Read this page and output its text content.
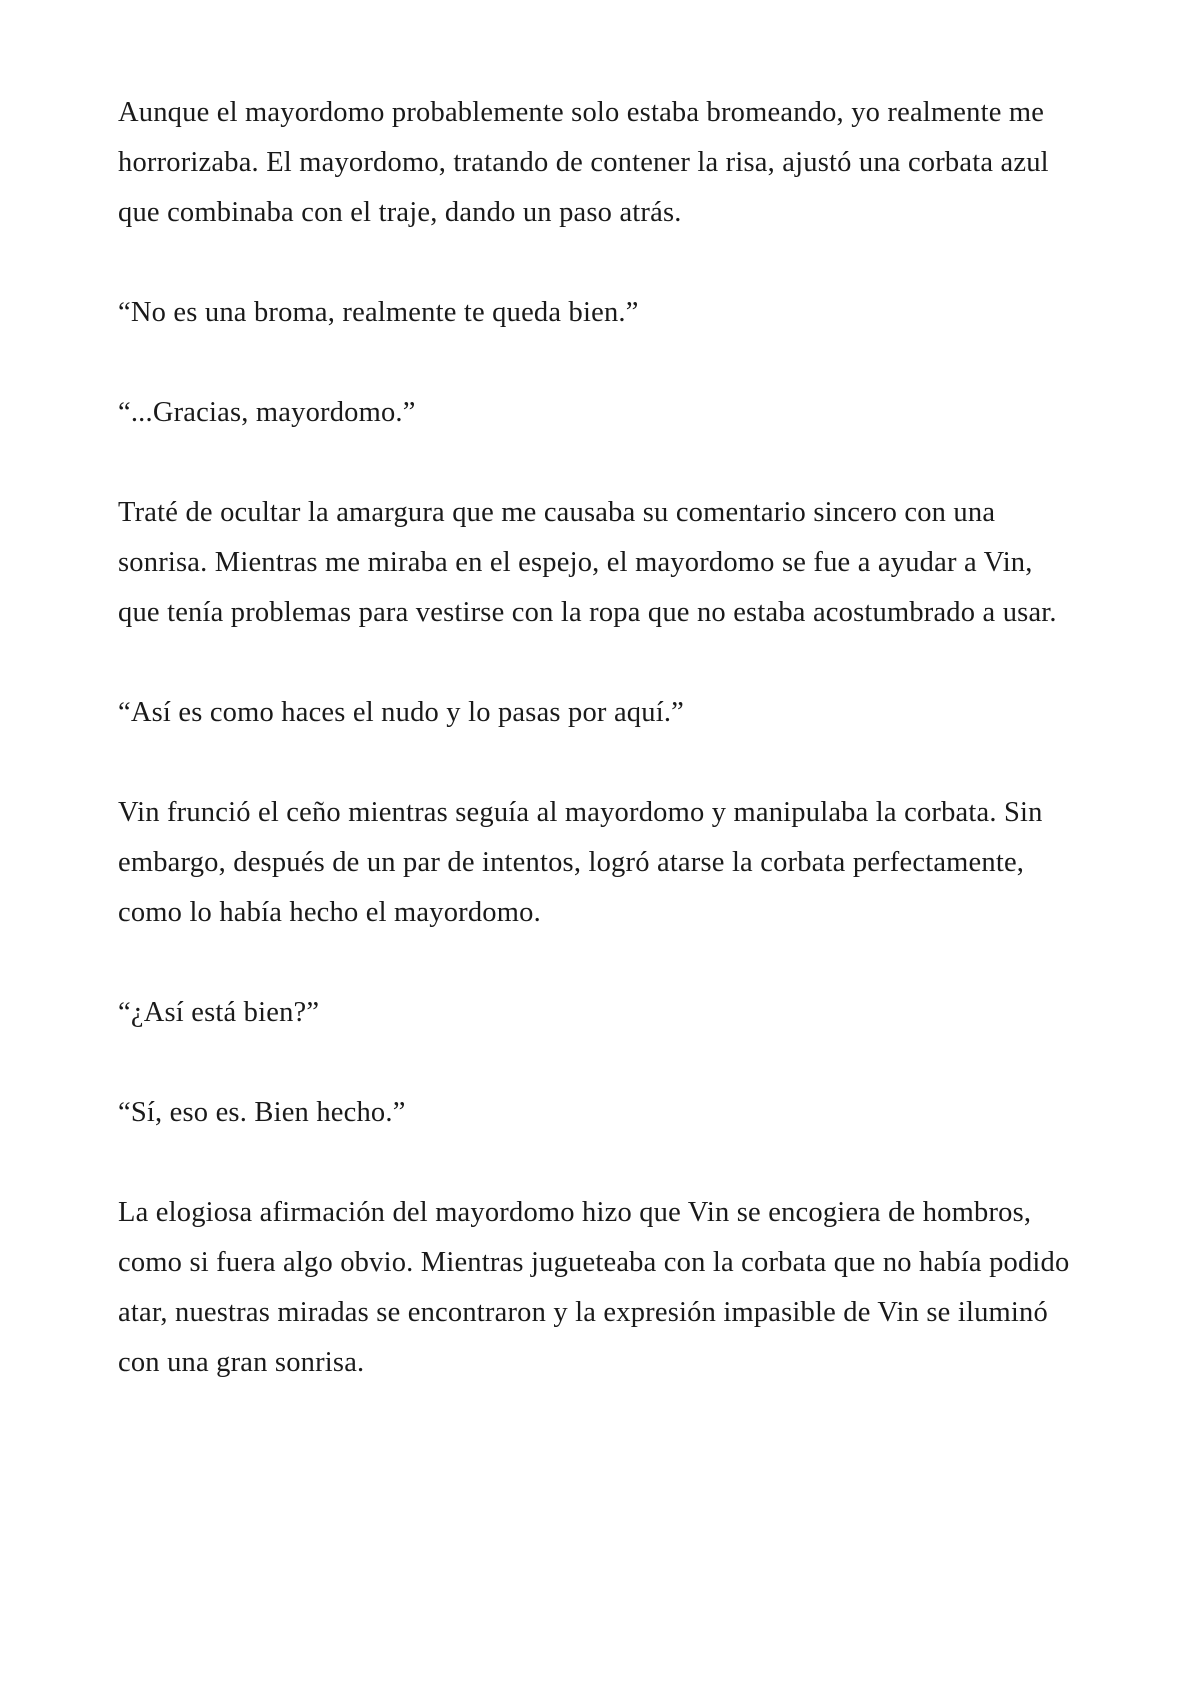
Aunque el mayordomo probablemente solo estaba bromeando, yo realmente me horrorizaba. El mayordomo, tratando de contener la risa, ajustó una corbata azul que combinaba con el traje, dando un paso atrás.

“No es una broma, realmente te queda bien.”

“...Gracias, mayordomo.”

Traté de ocultar la amargura que me causaba su comentario sincero con una sonrisa. Mientras me miraba en el espejo, el mayordomo se fue a ayudar a Vin, que tenía problemas para vestirse con la ropa que no estaba acostumbrado a usar.

“Así es como haces el nudo y lo pasas por aquí.”

Vin frunció el ceño mientras seguía al mayordomo y manipulaba la corbata. Sin embargo, después de un par de intentos, logró atarse la corbata perfectamente, como lo había hecho el mayordomo.

“¿Así está bien?”

“Sí, eso es. Bien hecho.”

La elogiosa afirmación del mayordomo hizo que Vin se encogiera de hombros, como si fuera algo obvio. Mientras jugueteaba con la corbata que no había podido atar, nuestras miradas se encontraron y la expresión impasible de Vin se iluminó con una gran sonrisa.
